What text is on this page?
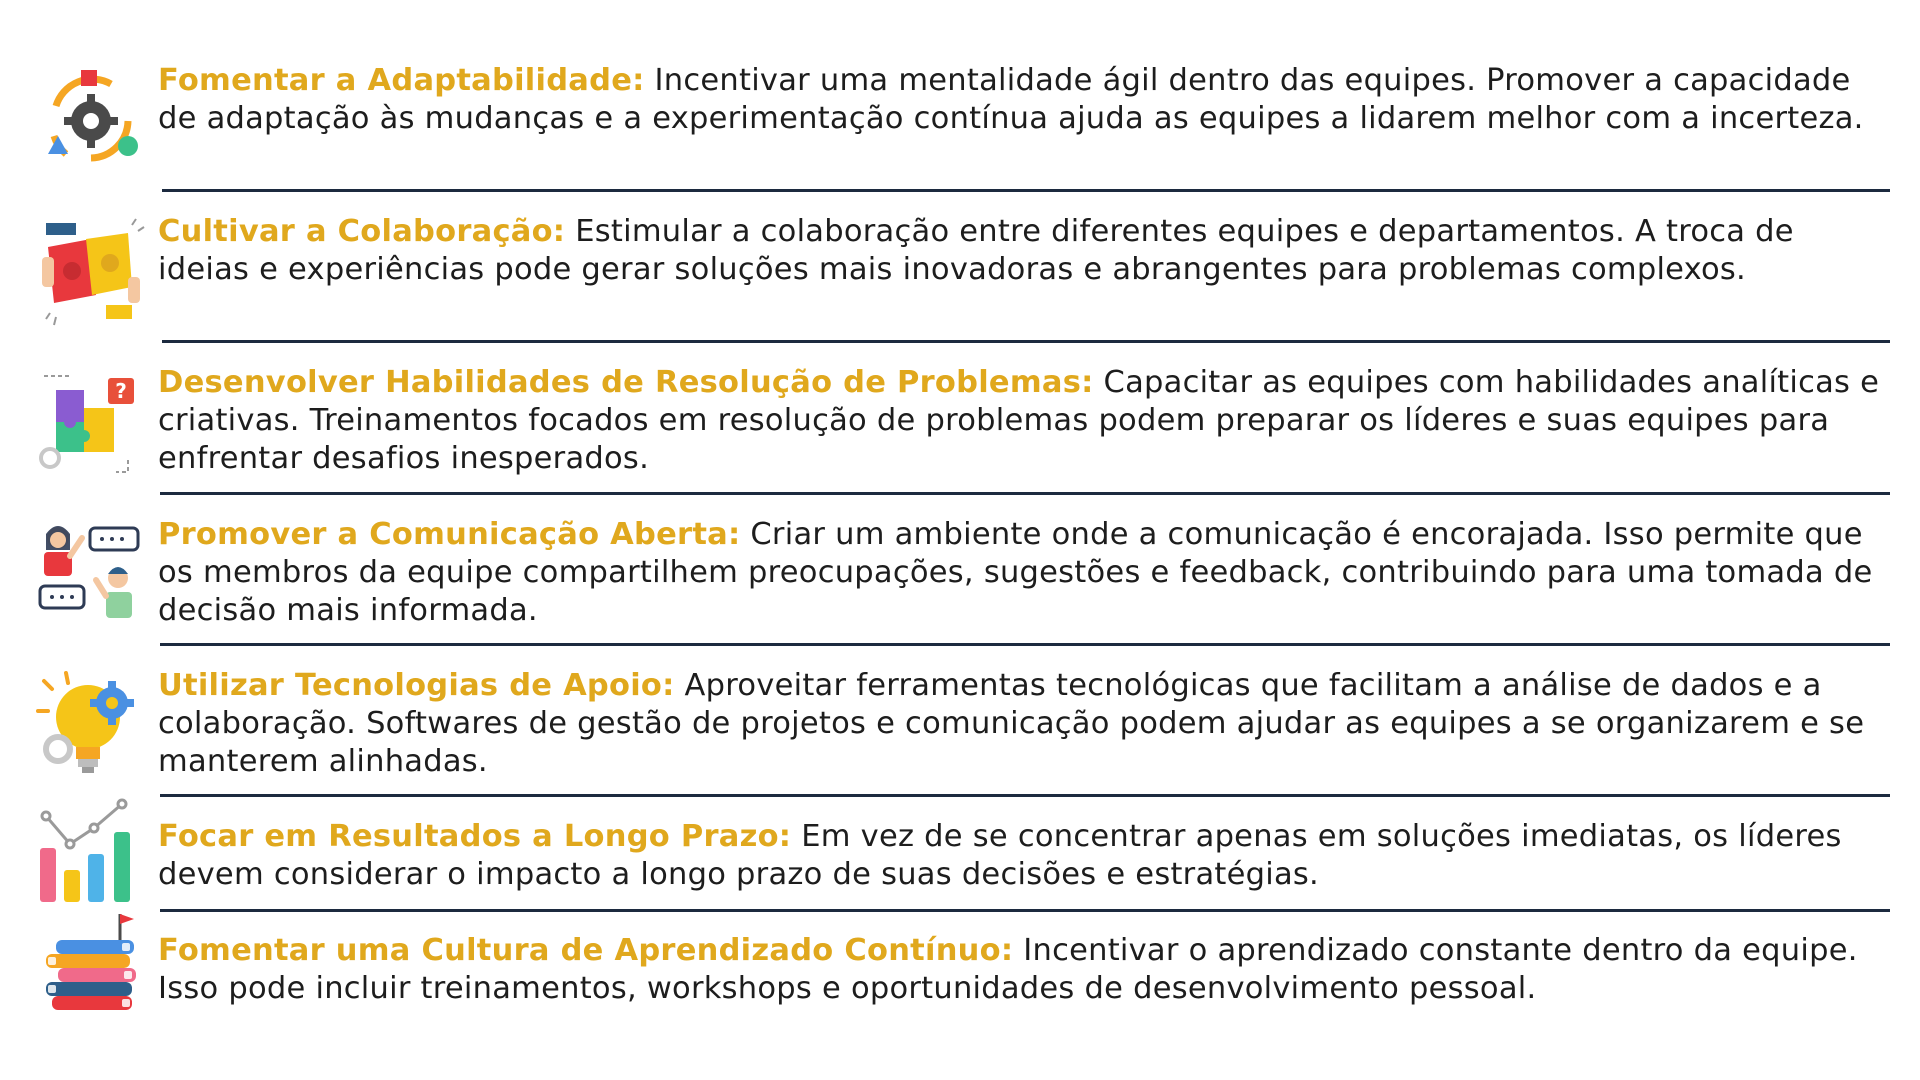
Fomentar a Adaptabilidade: Incentivar uma mentalidade ágil dentro das equipes. Promover a capacidade de adaptação às mudanças e a experimentação contínua ajuda as equipes a lidarem melhor com a incerteza.
Cultivar a Colaboração: Estimular a colaboração entre diferentes equipes e departamentos. A troca de ideias e experiências pode gerar soluções mais inovadoras e abrangentes para problemas complexos.
? Desenvolver Habilidades de Resolução de Problemas: Capacitar as equipes com habilidades analíticas e criativas. Treinamentos focados em resolução de problemas podem preparar os líderes e suas equipes para enfrentar desafios inesperados.
Promover a Comunicação Aberta: Criar um ambiente onde a comunicação é encorajada. Isso permite que os membros da equipe compartilhem preocupações, sugestões e feedback, contribuindo para uma tomada de decisão mais informada.
Utilizar Tecnologias de Apoio: Aproveitar ferramentas tecnológicas que facilitam a análise de dados e a colaboração. Softwares de gestão de projetos e comunicação podem ajudar as equipes a se organizarem e se manterem alinhadas.
Focar em Resultados a Longo Prazo: Em vez de se concentrar apenas em soluções imediatas, os líderes devem considerar o impacto a longo prazo de suas decisões e estratégias.
Fomentar uma Cultura de Aprendizado Contínuo: Incentivar o aprendizado constante dentro da equipe. Isso pode incluir treinamentos, workshops e oportunidades de desenvolvimento pessoal.
